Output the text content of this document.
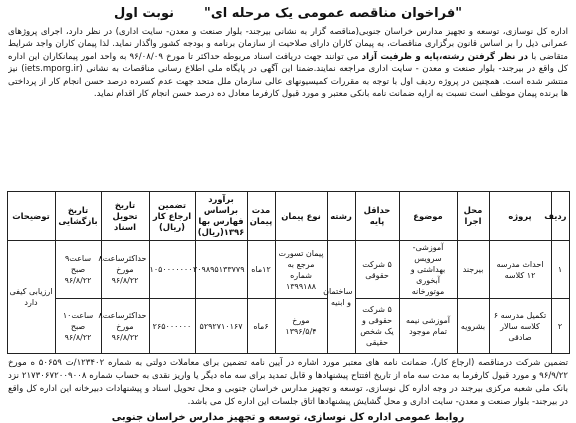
"فراخوان مناقصه عمومی یک مرحله ای"
نوبت اول
اداره کل نوسازی، توسعه و تجهیز مدارس خراسان جنوبی(مناقصه گزار به نشانی بیرجند- بلوار صنعت و معدن- سایت اداری) در نظر دارد، اجرای پروژهای عمرانی ذیل را بر اساس قانون برگزاری مناقصات، به پیمان کاران دارای صلاحیت از سازمان برنامه و بودجه کشور واگذار نماید. لذا پیمان کاران واجد شرایط متقاضی با در نظر گرفتن رشته،پایه و ظرفیت آزاد می توانند جهت دریافت اسناد مربوطه حداکثر تا مورخ ۹۶/۰۸/۰۹ به واحد امور پیمانکاران این اداره کل واقع در بیرجند- بلوار صنعت و معدن - سایت اداری مراجعه نمایند.ضمنا این آگهی در پایگاه ملی اطلاع رسانی مناقصات به نشانی (iets.mporg.ir) نیز منتشر شده است. همچنین در پروژه ردیف اول با توجه به مقررات کمیسیونهای عالی سازمان ملل متحد جهت عدم کسرده درصد حسن انجام کار از پرداختی ها برنده پیمان موظف است نسبت به ارایه ضمانت نامه بانکی معتبر و مورد قبول کارفرما معادل ده درصد حسن انجام کار اقدام نماید.
ردیف	پروژه	محل اجرا	موضوع	حداقل پایه	رشته	نوع پیمان	مدت پیمان	برآورد براساس فهارس بها ۱۳۹۶(ریال)	تضمین ارجاع کار (ریال)	تاریخ تحویل اسناد	تاریخ بازگشایی	توضیحات
۱	احداث مدرسه ۱۲ کلاسه	بیرجند	آموزشی- سرویس بهداشتی و آبخوری موتورخانه	۵ شرکت حقوقی	ساختمان و ابنیه	پیمان تسورت مرجع به شماره ۱۳۹۹۱۸۸	۱۲ماه	۲۰۹۸۹۵۱۳۳۷۷۹	۱۰۵۰۰۰۰۰۰۰	حداکثرساعت۸ مورخ ۹۶/۸/۲۲	ساعت۹ صبح ۹۶/۸/۲۲	ارزیابی کیفی دارد
۲	تکمیل مدرسه ۶ کلاسه سالار صادقی	بشرویه	آموزشی نیمه تمام موجود	۵ شرکت حقوقی و یک شخص حقیقی		مورخ ۱۳۹۶/۵/۴	۶ماه	۵۲۹۲۷۱۰۱۶۷	۲۶۵۰۰۰۰۰۰	حداکثرساعت۸ مورخ ۹۶/۸/۲۲	ساعت۱۰ صبح ۹۶/۸/۲۲	
تضمین شرکت درمناقصه (ارجاع کار)، ضمانت نامه های معتبر مورد اشاره در آیین نامه تضمین برای معاملات دولتی به شماره ۱۲۳۴۰۲/ت ۵۰۶۵۹ ه مورخ ۹۶/۹/۲۲ و مورد قبول کارفرما به مدت سه ماه از تاریخ افتتاح پیشنهادها و قابل تمدید برای سه ماه دیگر یا واریز نقدی به حساب شماره ۲۱۷۳۰۶۷۲۰۰۹۰۰۸ نزد بانک ملی شعبه مرکزی بیرجند در وجه اداره کل نوسازی، توسعه و تجهیز مدارس خراسان جنوبی و محل تحویل اسناد و پیشنهادات دبیرخانه این اداره کل واقع در بیرجند- بلوار صنعت و معدن- سایت اداری و محل گشایش پیشنهادها اتاق جلسات این اداره کل می باشد.
روابط عمومی اداره کل نوسازی، توسعه و تجهیز مدارس خراسان جنوبی
